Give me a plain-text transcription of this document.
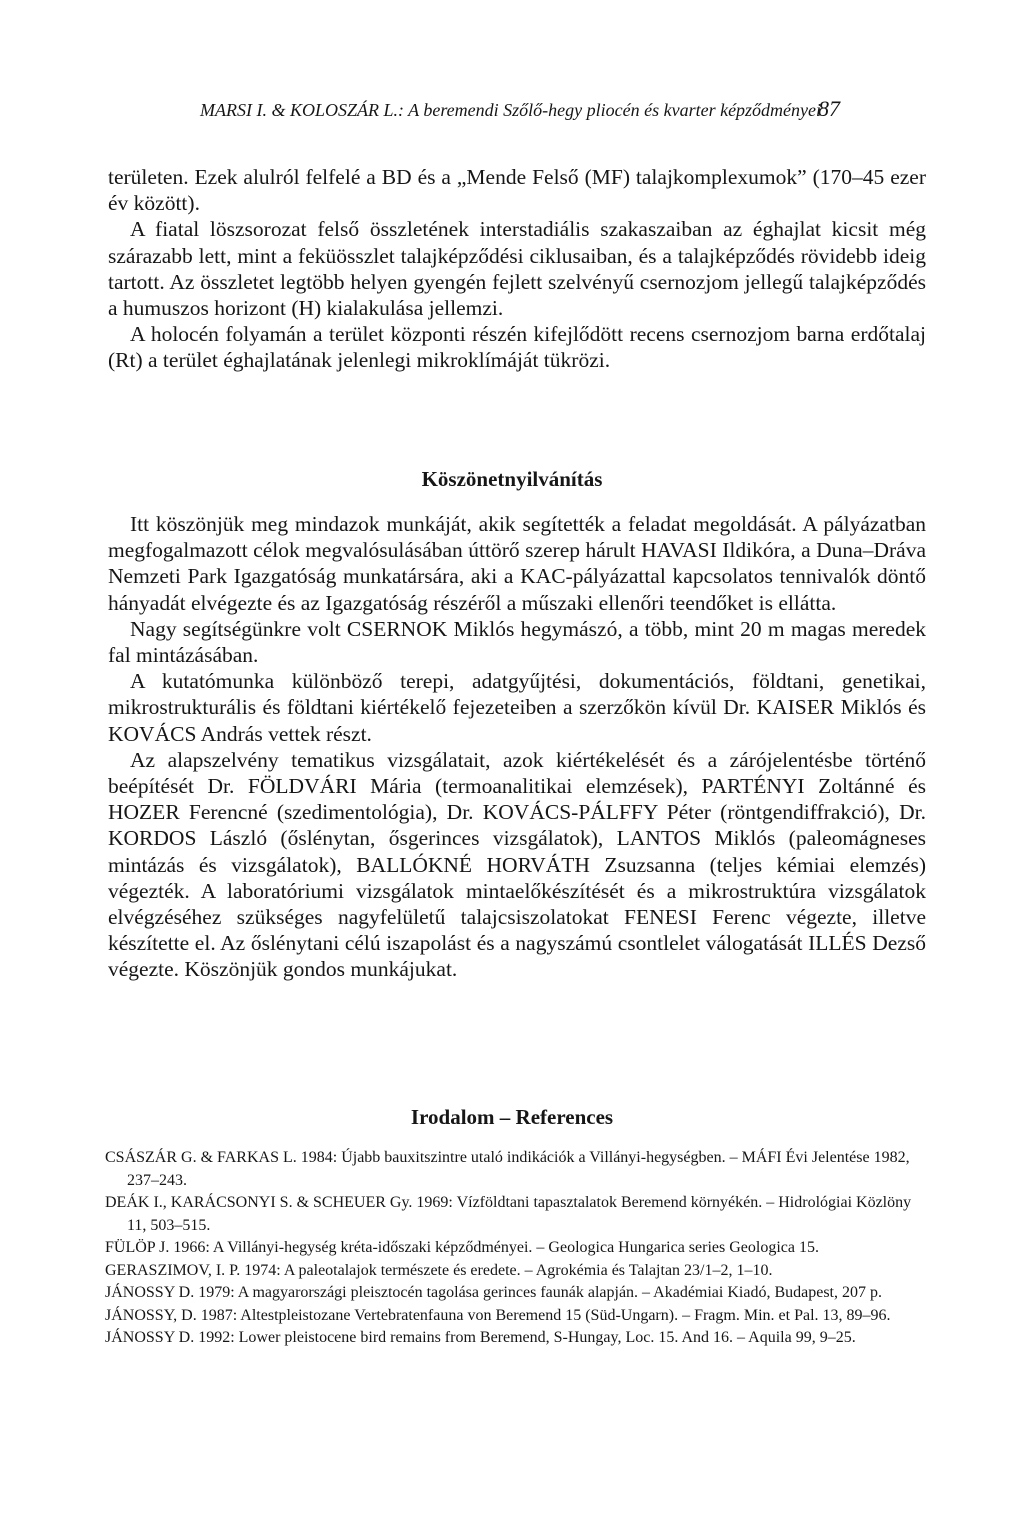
MARSI I. & KOLOSZÁR L.: A beremendi Szőlő-hegy pliocén és kvarter képződményei
87

területen. Ezek alulról felfelé a BD és a „Mende Felső (MF) talajkomplexumok” (170–45 ezer év között).

A fiatal löszsorozat felső összletének interstadiális szakaszaiban az éghajlat kicsit még szárazabb lett, mint a feküösszlet talajképződési ciklusaiban, és a talajképződés rövidebb ideig tartott. Az összletet legtöbb helyen gyengén fejlett szelvényű csernozjom jellegű talajképződés a humuszos horizont (H) kialakulása jellemzi.

A holocén folyamán a terület központi részén kifejlődött recens csernozjom barna erdőtalaj (Rt) a terület éghajlatának jelenlegi mikroklímáját tükrözi.

Köszönetnyilvánítás

Itt köszönjük meg mindazok munkáját, akik segítették a feladat megoldását. A pályázatban megfogalmazott célok megvalósulásában úttörő szerep hárult HAVASI Ildikóra, a Duna–Dráva Nemzeti Park Igazgatóság munkatársára, aki a KAC-pályázattal kapcsolatos tennivalók döntő hányadát elvégezte és az Igazgatóság részéről a műszaki ellenőri teendőket is ellátta.

Nagy segítségünkre volt CSERNOK Miklós hegymászó, a több, mint 20 m magas meredek fal mintázásában.

A kutatómunka különböző terepi, adatgyűjtési, dokumentációs, földtani, genetikai, mikrostrukturális és földtani kiértékelő fejezeteiben a szerzőkön kívül Dr. KAISER Miklós és KOVÁCS András vettek részt.

Az alapszelvény tematikus vizsgálatait, azok kiértékelését és a zárójelentésbe történő beépítését Dr. FÖLDVÁRI Mária (termoanalitikai elemzések), PARTÉNYI Zoltánné és HOZER Ferencné (szedimentológia), Dr. KOVÁCS-PÁLFFY Péter (röntgendiffrakció), Dr. KORDOS László (őslénytan, ősgerinces vizsgálatok), LANTOS Miklós (paleomágneses mintázás és vizsgálatok), BALLÓKNÉ HORVÁTH Zsuzsanna (teljes kémiai elemzés) végezték. A laboratóriumi vizsgálatok mintaelőkészítését és a mikrostruktúra vizsgálatok elvégzéséhez szükséges nagyfelületű talajcsiszolatokat FENESI Ferenc végezte, illetve készítette el. Az őslénytani célú iszapolást és a nagyszámú csontlelet válogatását ILLÉS Dezső végezte. Köszönjük gondos munkájukat.

Irodalom – References

CSÁSZÁR G. & FARKAS L. 1984: Újabb bauxitszintre utaló indikációk a Villányi-hegységben. – MÁFI Évi Jelentése 1982, 237–243.

DEÁK I., KARÁCSONYI S. & SCHEUER Gy. 1969: Vízföldtani tapasztalatok Beremend környékén. – Hidrológiai Közlöny 11, 503–515.

FÜLÖP J. 1966: A Villányi-hegység kréta-időszaki képződményei. – Geologica Hungarica series Geologica 15.

GERASZIMOV, I. P. 1974: A paleotalajok természete és eredete. – Agrokémia és Talajtan 23/1–2, 1–10.

JÁNOSSY D. 1979: A magyarországi pleisztocén tagolása gerinces faunák alapján. – Akadémiai Kiadó, Budapest, 207 p.

JÁNOSSY, D. 1987: Altestpleistozane Vertebratenfauna von Beremend 15 (Süd-Ungarn). – Fragm. Min. et Pal. 13, 89–96.

JÁNOSSY D. 1992: Lower pleistocene bird remains from Beremend, S-Hungay, Loc. 15. And 16. – Aquila 99, 9–25.
